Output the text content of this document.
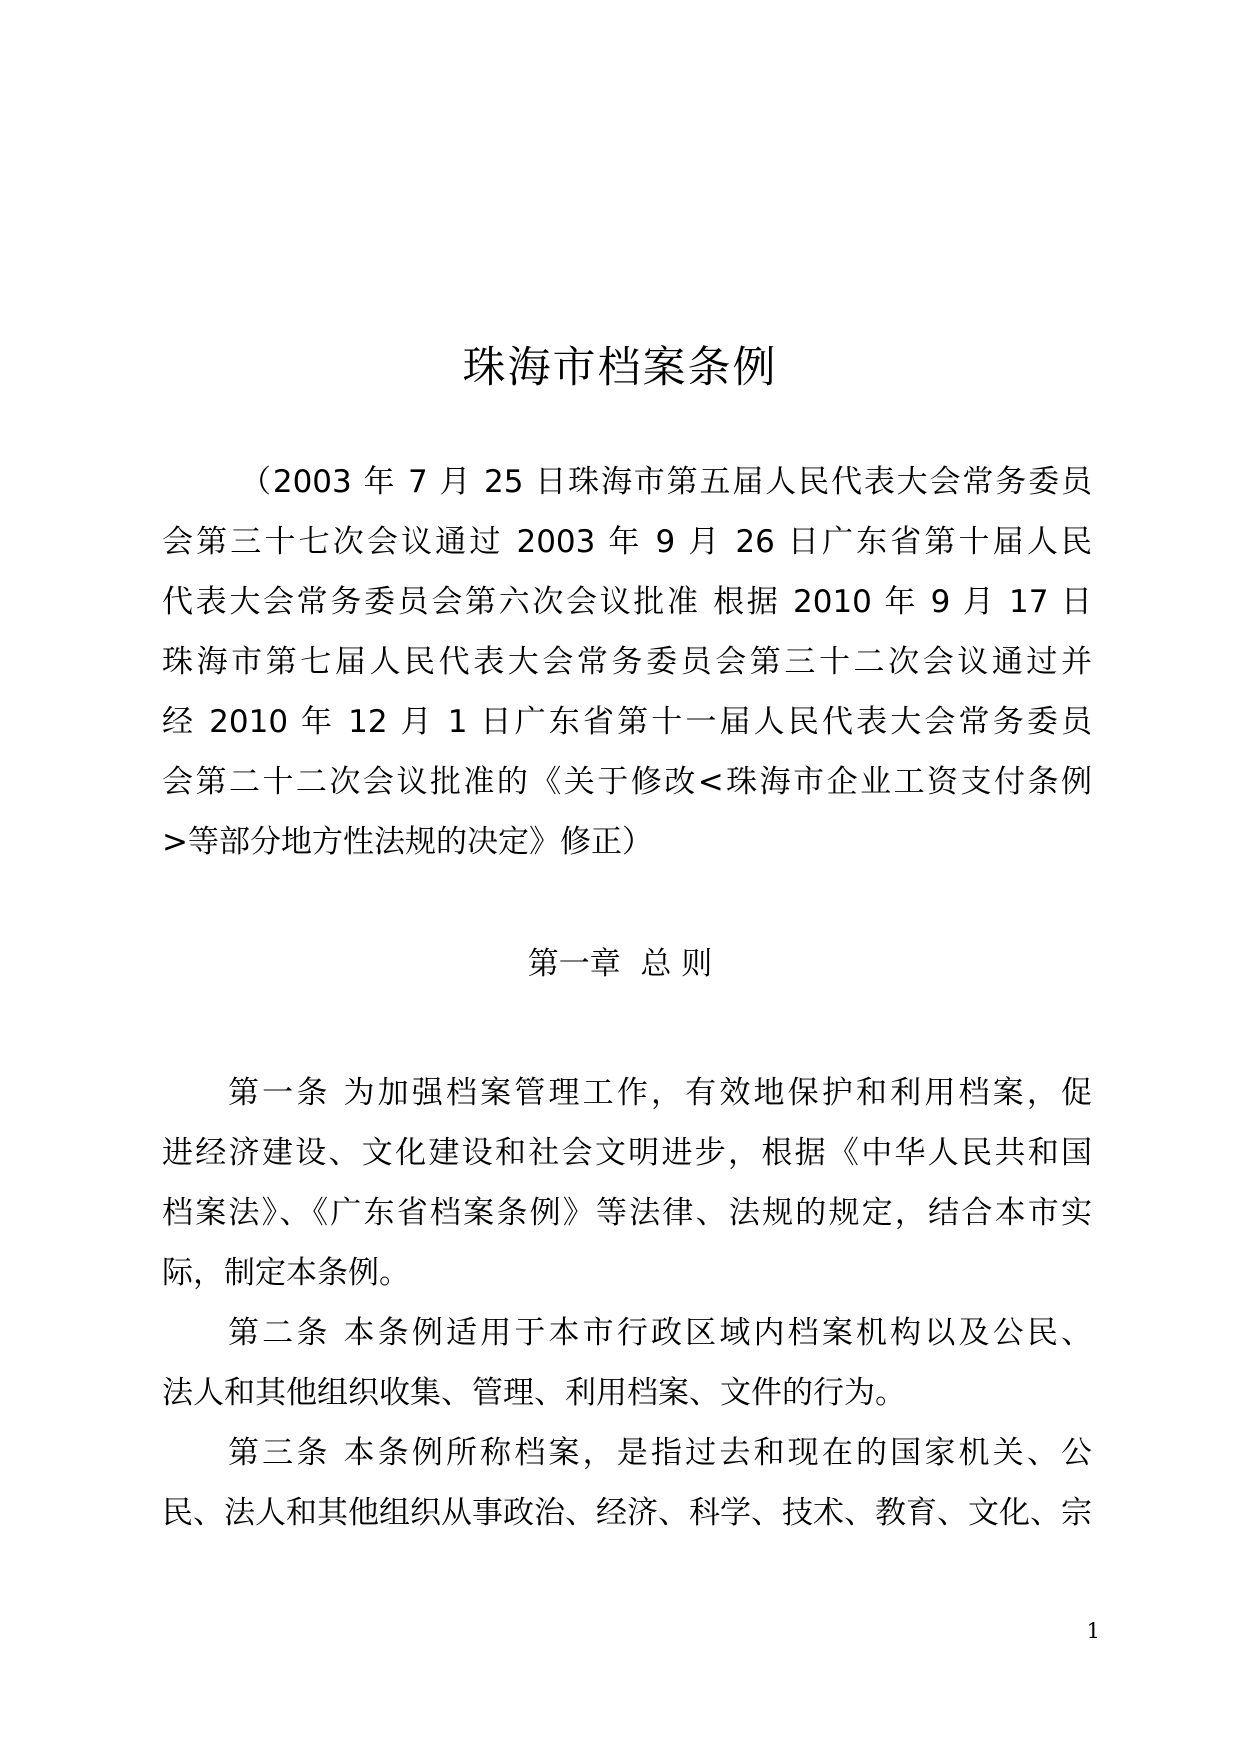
珠海市档案条例
（2003 年 7 月 25 日珠海市第五届人民代表大会常务委员
会第三十七次会议通过 2003 年 9 月 26 日广东省第十届人民
代表大会常务委员会第六次会议批准 根据 2010 年 9 月 17 日
珠海市第七届人民代表大会常务委员会第三十二次会议通过并
经 2010 年 12 月 1 日广东省第十一届人民代表大会常务委员
会第二十二次会议批准的《关于修改<珠海市企业工资支付条例
>等部分地方性法规的决定》修正）
第一章  总 则
第一条 为加强档案管理工作，有效地保护和利用档案，促
进经济建设、文化建设和社会文明进步，根据《中华人民共和国
档案法》、《广东省档案条例》等法律、法规的规定，结合本市实
际，制定本条例。
第二条 本条例适用于本市行政区域内档案机构以及公民、
法人和其他组织收集、管理、利用档案、文件的行为。
第三条 本条例所称档案，是指过去和现在的国家机关、公
民、法人和其他组织从事政治、经济、科学、技术、教育、文化、宗
1
